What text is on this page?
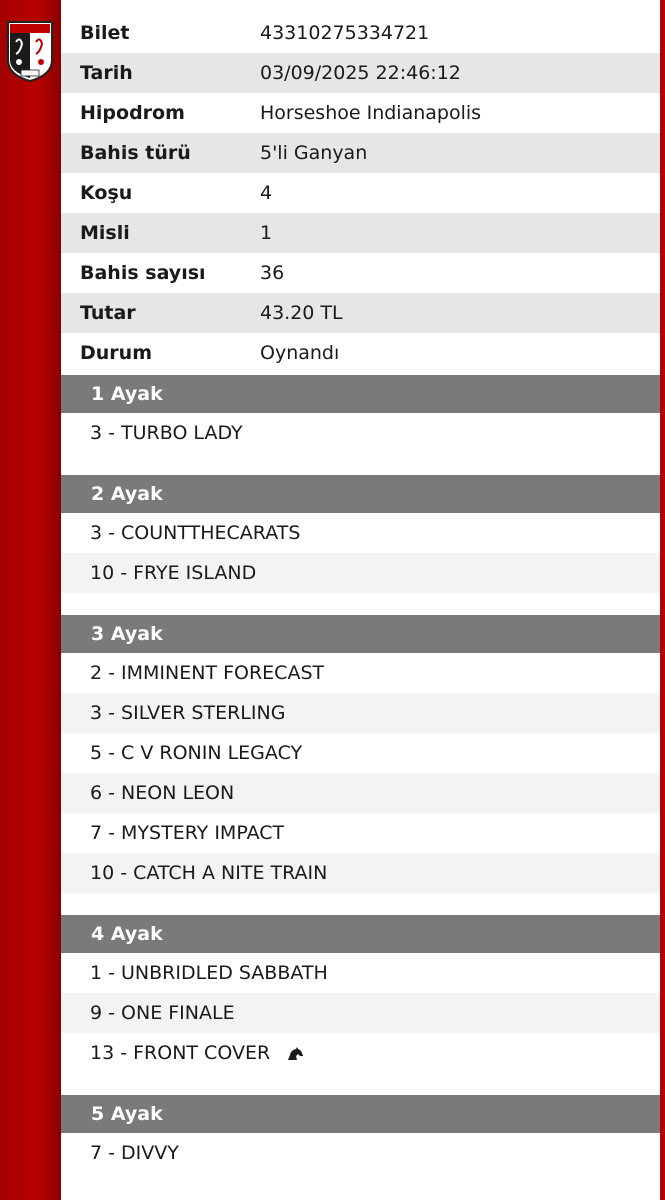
Bilet	43310275334721
Tarih	03/09/2025 22:46:12
Hipodrom	Horseshoe Indianapolis
Bahis türü	5'li Ganyan
Koşu	4
Misli	1
Bahis sayısı	36
Tutar	43.20 TL
Durum	Oynandı
1 Ayak
3 - TURBO LADY
2 Ayak
3 - COUNTTHECARATS
10 - FRYE ISLAND
3 Ayak
2 - IMMINENT FORECAST
3 - SILVER STERLING
5 - C V RONIN LEGACY
6 - NEON LEON
7 - MYSTERY IMPACT
10 - CATCH A NITE TRAIN
4 Ayak
1 - UNBRIDLED SABBATH
9 - ONE FINALE
13 - FRONT COVER
5 Ayak
7 - DIVVY
